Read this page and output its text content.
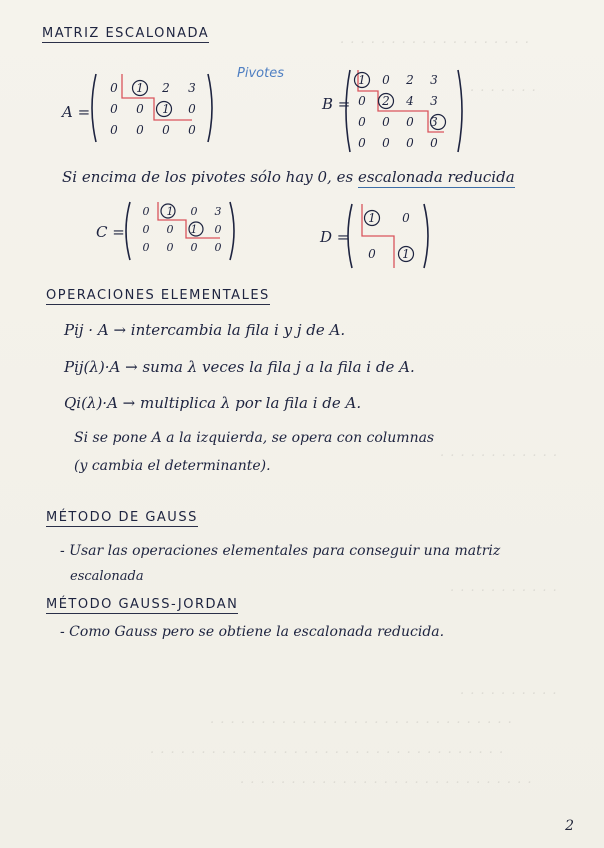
. . . . . . . . . . . . . . . . . . .
. . . . . . .
. . . . . . . . . . . .
. . . . . . . . . . .
. . . . . . . . . .
. . . . . . . . . . . . . . . . . . . . . . . . . . . . . .
. . . . . . . . . . . . . . . . . . . . . . . . . . . . . . . . . . .
. . . . . . . . . . . . . . . . . . . . . . . . . . . . .
MATRIZ ESCALONADA
Pivotes
A =
0 1 2 3
0 0 1 0
0 0 0 0
B =
1 0 2 3
0 2 4 3
0 0 0 3
0 0 0 0
Si encima de los pivotes sólo hay 0, es escalonada reducida
C =
0 1 0 3
0 0 1 0
0 0 0 0
D =
1 0
0 1
OPERACIONES ELEMENTALES
Pij · A → intercambia la fila i y j de A.
Pij(λ)·A → suma λ veces la fila j a la fila i de A.
Qi(λ)·A → multiplica λ por la fila i de A.
Si se pone A a la izquierda, se opera con columnas
(y cambia el determinante).
MÉTODO DE GAUSS
- Usar las operaciones elementales para conseguir una matriz
escalonada
MÉTODO GAUSS-JORDAN
- Como Gauss pero se obtiene la escalonada reducida.
2
